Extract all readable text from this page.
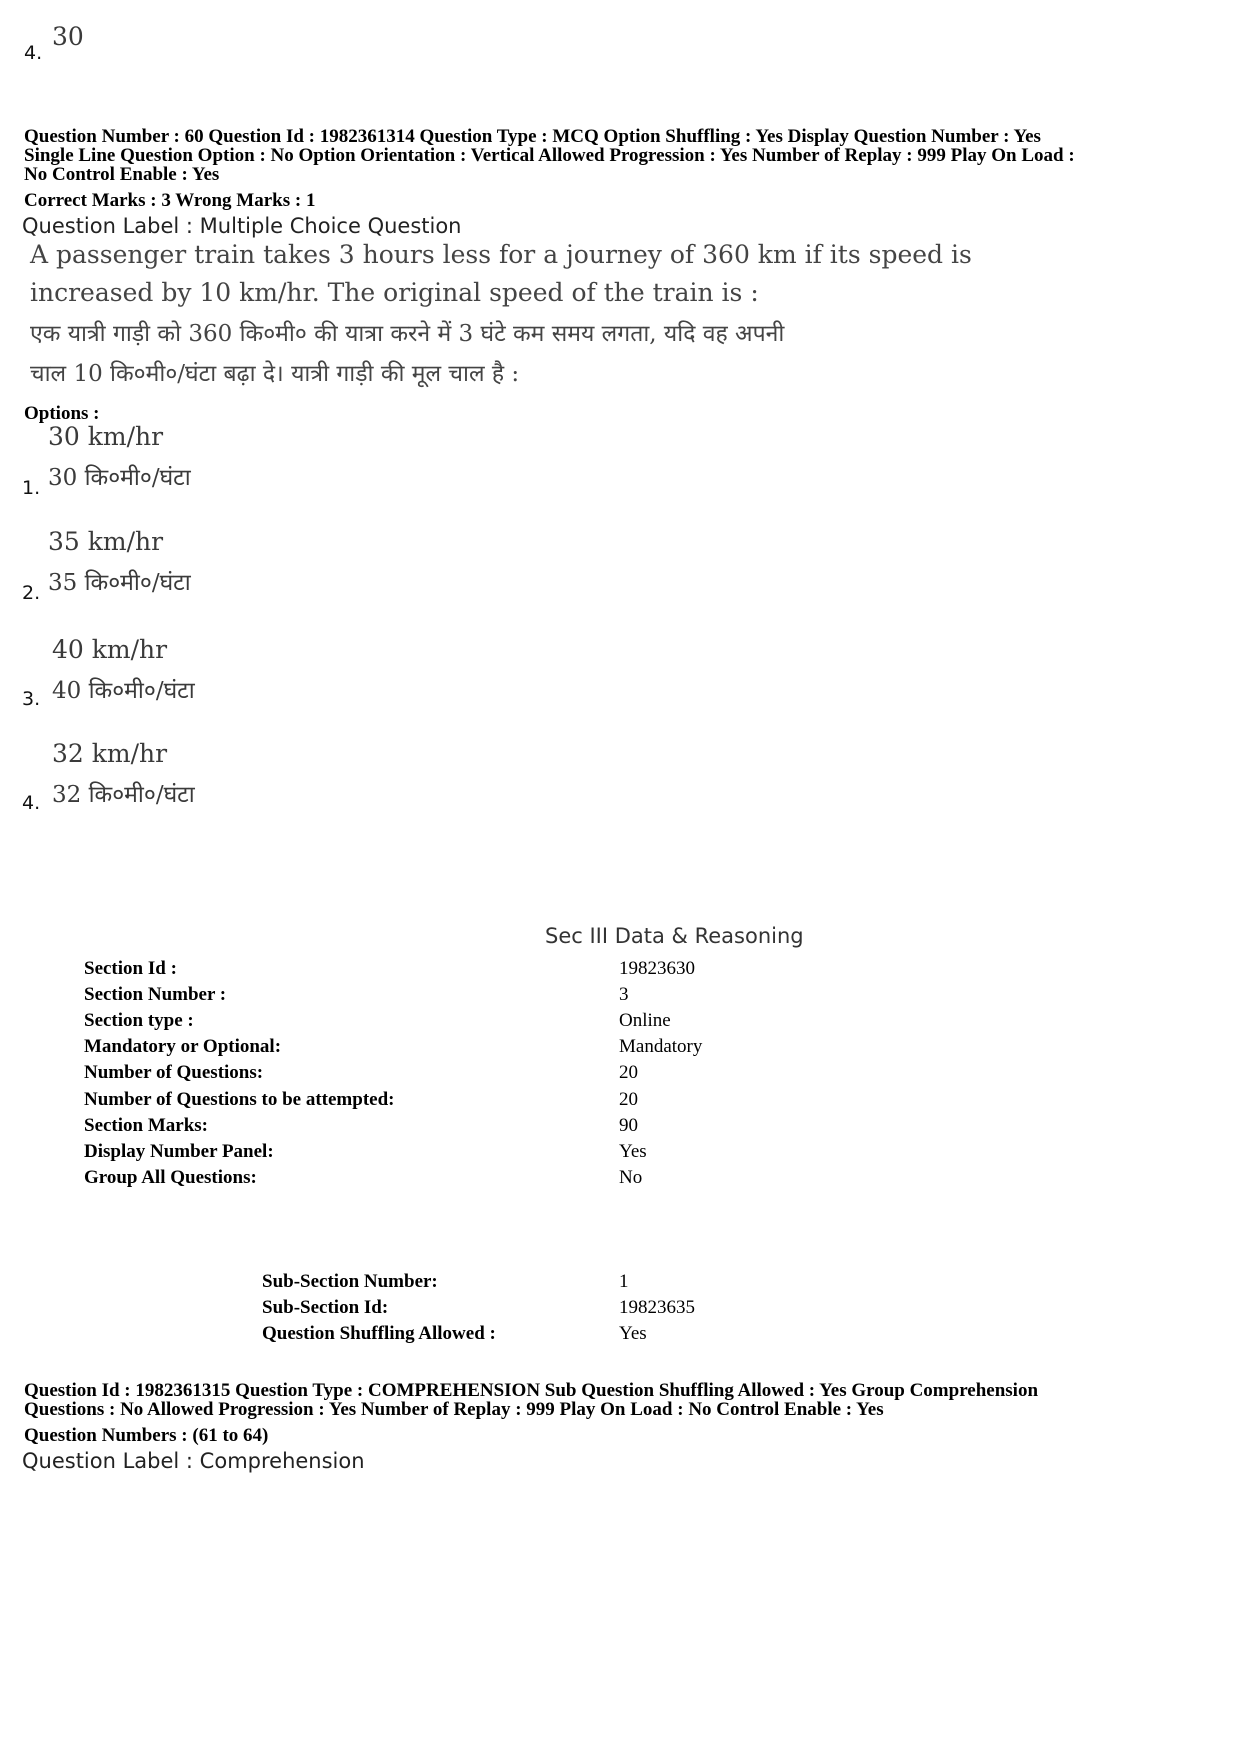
4.
30
Question Number : 60 Question Id : 1982361314 Question Type : MCQ Option Shuffling : Yes Display Question Number : Yes
Single Line Question Option : No Option Orientation : Vertical Allowed Progression : Yes Number of Replay : 999 Play On Load :
No Control Enable : Yes
Correct Marks : 3 Wrong Marks : 1
Question Label : Multiple Choice Question
A passenger train takes 3 hours less for a journey of 360 km if its speed is
increased by 10 km/hr. The original speed of the train is :
एक यात्री गाड़ी को 360 कि०मी० की यात्रा करने में 3 घंटे कम समय लगता, यदि वह अपनी
चाल 10 कि०मी०/घंटा बढ़ा दे। यात्री गाड़ी की मूल चाल है :
Options :
30 km/hr
30 कि०मी०/घंटा
1.
35 km/hr
35 कि०मी०/घंटा
2.
40 km/hr
40 कि०मी०/घंटा
3.
32 km/hr
32 कि०मी०/घंटा
4.
Sec III Data & Reasoning
Section Id :	19823630
Section Number :	3
Section type :	Online
Mandatory or Optional:	Mandatory
Number of Questions:	20
Number of Questions to be attempted:	20
Section Marks:	90
Display Number Panel:	Yes
Group All Questions:	No
Sub-Section Number:	1
Sub-Section Id:	19823635
Question Shuffling Allowed :	Yes
Question Id : 1982361315 Question Type : COMPREHENSION Sub Question Shuffling Allowed : Yes Group Comprehension
Questions : No Allowed Progression : Yes Number of Replay : 999 Play On Load : No Control Enable : Yes
Question Numbers : (61 to 64)
Question Label : Comprehension
